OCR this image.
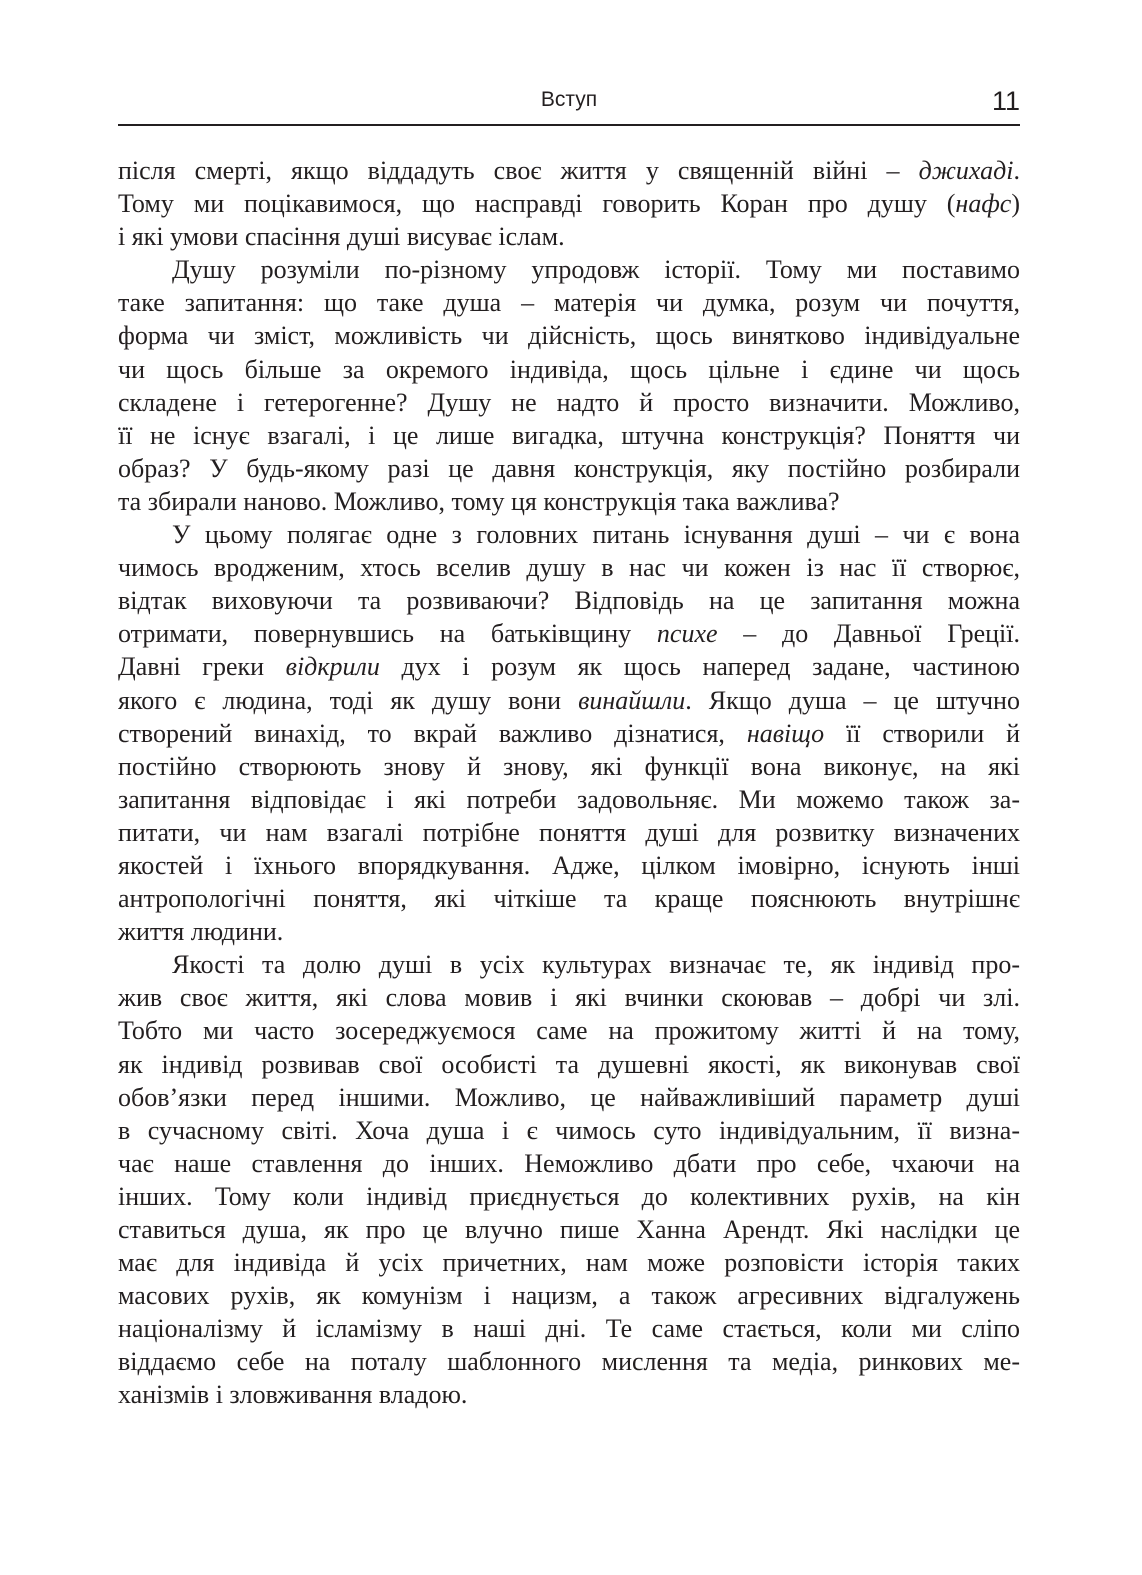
Вступ	11
після смерті, якщо віддадуть своє життя у священній війні – джихаді.
Тому ми поцікавимося, що насправді говорить Коран про душу (нафс)
і які умови спасіння душі висуває іслам.
Душу розуміли по-різному упродовж історії. Тому ми поставимо
таке запитання: що таке душа – матерія чи думка, розум чи почуття,
форма чи зміст, можливість чи дійсність, щось винятково індивідуальне
чи щось більше за окремого індивіда, щось цільне і єдине чи щось
складене і гетерогенне? Душу не надто й просто визначити. Можливо,
її не існує взагалі, і це лише вигадка, штучна конструкція? Поняття чи
образ? У будь-якому разі це давня конструкція, яку постійно розбирали
та збирали наново. Можливо, тому ця конструкція така важлива?
У цьому полягає одне з головних питань існування душі – чи є вона
чимось вродженим, хтось вселив душу в нас чи кожен із нас її створює,
відтак виховуючи та розвиваючи? Відповідь на це запитання можна
отримати, повернувшись на батьківщину психе – до Давньої Греції.
Давні греки відкрили дух і розум як щось наперед задане, частиною
якого є людина, тоді як душу вони винайшли. Якщо душа – це штучно
створений винахід, то вкрай важливо дізнатися, навіщо її створили й
постійно створюють знову й знову, які функції вона виконує, на які
запитання відповідає і які потреби задовольняє. Ми можемо також за-
питати, чи нам взагалі потрібне поняття душі для розвитку визначених
якостей і їхнього впорядкування. Адже, цілком імовірно, існують інші
антропологічні поняття, які чіткіше та краще пояснюють внутрішнє
життя людини.
Якості та долю душі в усіх культурах визначає те, як індивід про-
жив своє життя, які слова мовив і які вчинки скоював – добрі чи злі.
Тобто ми часто зосереджуємося саме на прожитому житті й на тому,
як індивід розвивав свої особисті та душевні якості, як виконував свої
обов’язки перед іншими. Можливо, це найважливіший параметр душі
в сучасному світі. Хоча душа і є чимось суто індивідуальним, її визна-
чає наше ставлення до інших. Неможливо дбати про себе, чхаючи на
інших. Тому коли індивід приєднується до колективних рухів, на кін
ставиться душа, як про це влучно пише Ханна Арендт. Які наслідки це
має для індивіда й усіх причетних, нам може розповісти історія таких
масових рухів, як комунізм і нацизм, а також агресивних відгалужень
націоналізму й ісламізму в наші дні. Те саме стається, коли ми сліпо
віддаємо себе на поталу шаблонного мислення та медіа, ринкових ме-
ханізмів і зловживання владою.
